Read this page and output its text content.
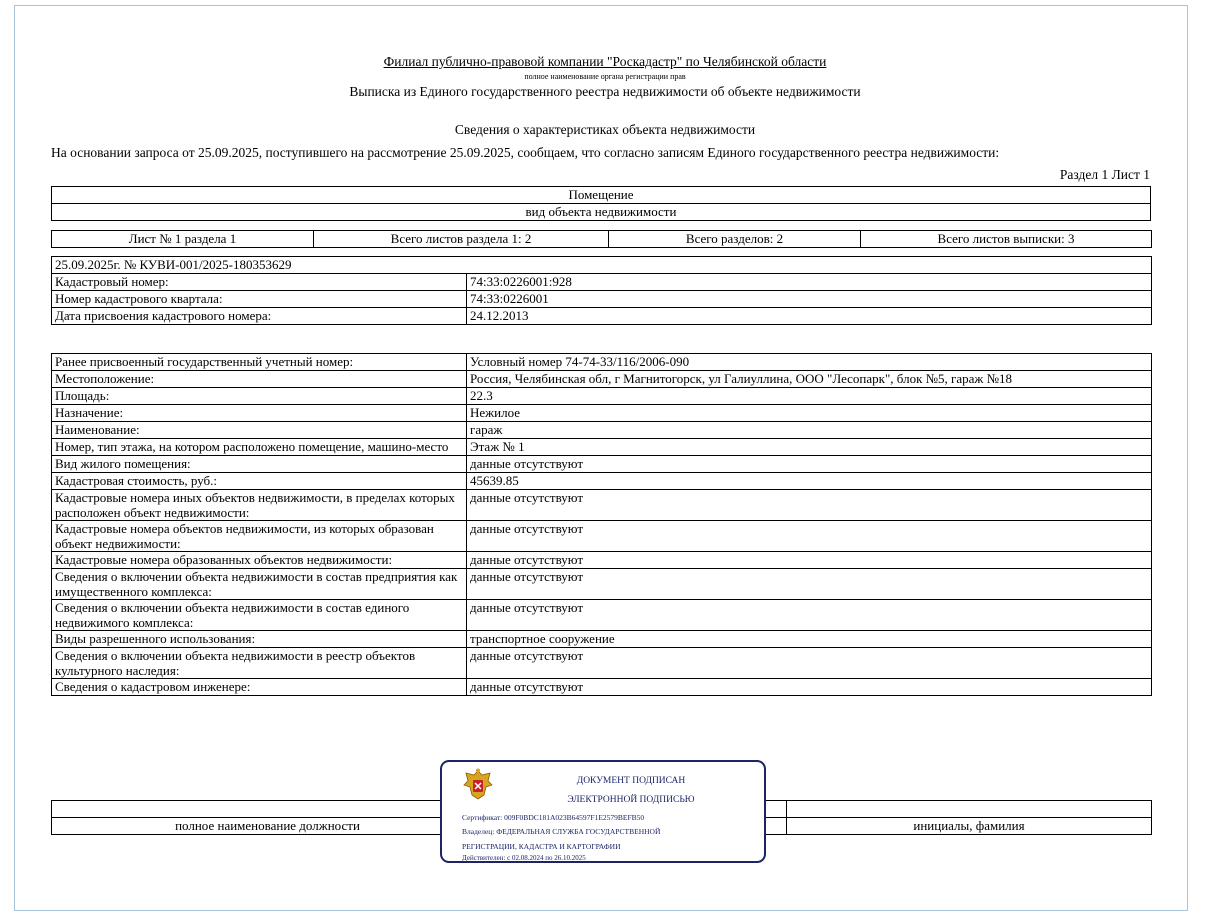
Филиал публично-правовой компании "Роскадастр" по Челябинской области
полное наименование органа регистрации прав
Выписка из Единого государственного реестра недвижимости об объекте недвижимости
Сведения о характеристиках объекта недвижимости
На основании запроса от 25.09.2025, поступившего на рассмотрение 25.09.2025, сообщаем, что согласно записям Единого государственного реестра недвижимости:
Раздел 1 Лист 1
Помещение
вид объекта недвижимости
Лист № 1 раздела 1	Всего листов раздела 1: 2	Всего разделов: 2	Всего листов выписки: 3
25.09.2025г. № КУВИ-001/2025-180353629	
Кадастровый номер:	74:33:0226001:928
Номер кадастрового квартала:	74:33:0226001
Дата присвоения кадастрового номера:	24.12.2013
Ранее присвоенный государственный учетный номер:	Условный номер 74-74-33/116/2006-090
Местоположение:	Россия, Челябинская обл, г Магнитогорск, ул Галиуллина, ООО "Лесопарк", блок №5, гараж №18
Площадь:	22.3
Назначение:	Нежилое
Наименование:	гараж
Номер, тип этажа, на котором расположено помещение, машино-место	Этаж № 1
Вид жилого помещения:	данные отсутствуют
Кадастровая стоимость, руб.:	45639.85
Кадастровые номера иных объектов недвижимости, в пределах которых расположен объект недвижимости:	данные отсутствуют
Кадастровые номера объектов недвижимости, из которых образован объект недвижимости:	данные отсутствуют
Кадастровые номера образованных объектов недвижимости:	данные отсутствуют
Сведения о включении объекта недвижимости в состав предприятия как имущественного комплекса:	данные отсутствуют
Сведения о включении объекта недвижимости в состав единого недвижимого комплекса:	данные отсутствуют
Виды разрешенного использования:	транспортное сооружение
Сведения о включении объекта недвижимости в реестр объектов культурного наследия:	данные отсутствуют
Сведения о кадастровом инженере:	данные отсутствуют

полное наименование должности		инициалы, фамилия
ДОКУМЕНТ ПОДПИСАН
ЭЛЕКТРОННОЙ ПОДПИСЬЮ
Сертификат: 009F0BDC181A023B64597F1E2579BEFB50
Владелец: ФЕДЕРАЛЬНАЯ СЛУЖБА ГОСУДАРСТВЕННОЙ
РЕГИСТРАЦИИ, КАДАСТРА И КАРТОГРАФИИ
Действителен: с 02.08.2024 по 26.10.2025
